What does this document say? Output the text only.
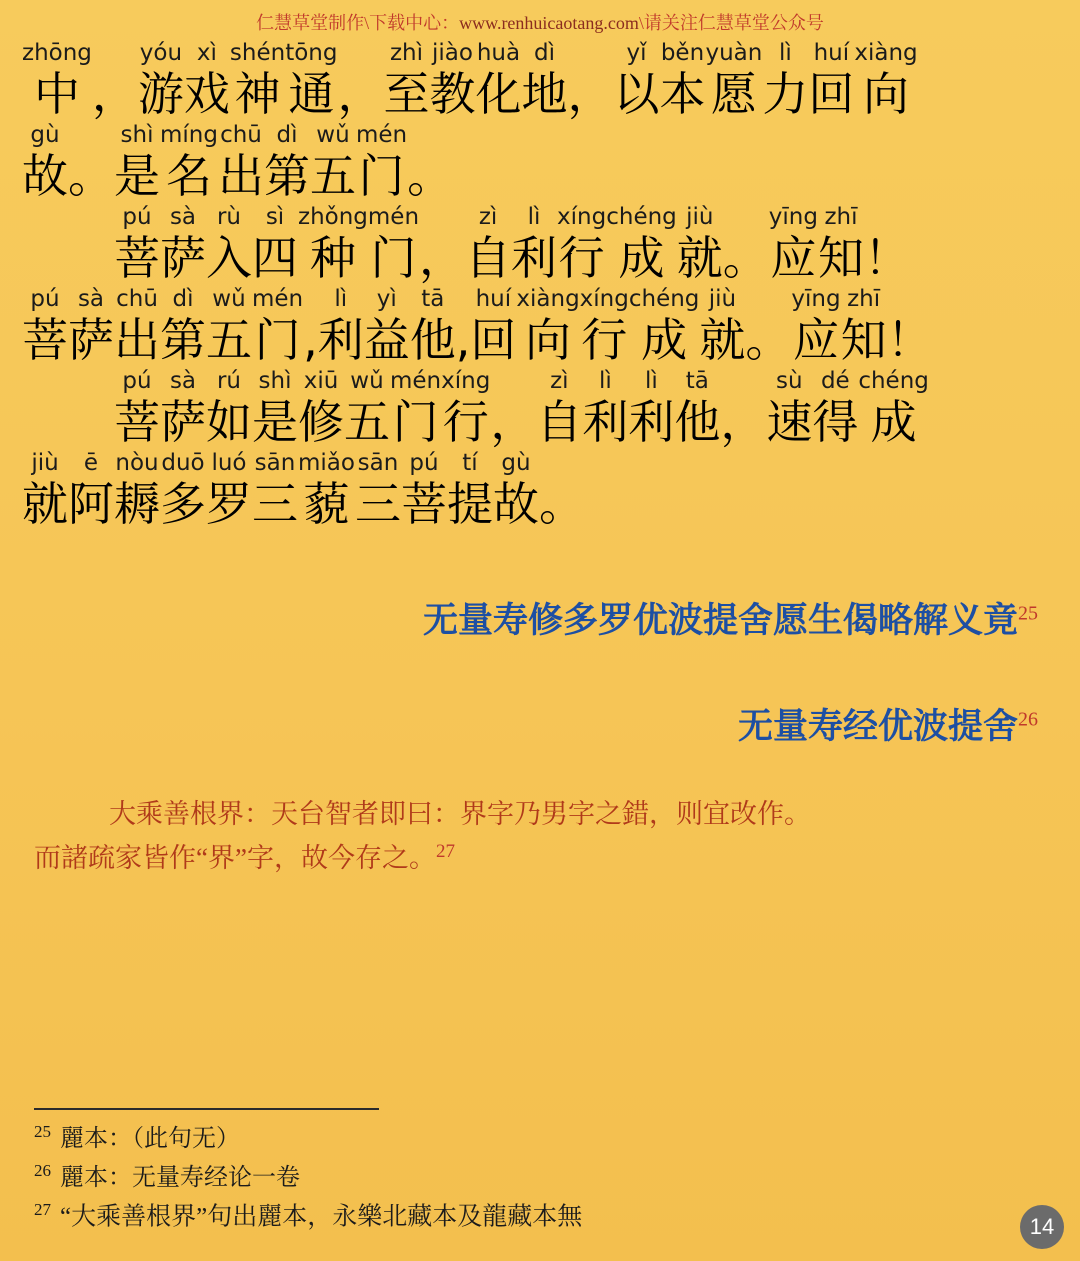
仁慧草堂制作\下载中心：www.renhuicaotang.com\请关注仁慧草堂公众号
zhōng
中 ，
yóu
游
xì
戏
shén
神
tōng
通 ，
zhì
至
jiào
教
huà
化
dì
地 ，
yǐ
以
běn
本
yuàn
愿
lì
力
huí
回
xiàng
向
gù
故 。
shì
是
míng
名
chū
出
dì
第
wǔ
五
mén
门 。
pú
菩
sà
萨
rù
入
sì
四
zhǒng
种
mén
门 ，
zì
自
lì
利
xíng
行
chéng
成
jiù
就 。
yīng
应
zhī
知 ！
pú
菩
sà
萨
chū
出
dì
第
wǔ
五
mén
门 ,
lì
利
yì
益
tā
他 ,
huí
回
xiàng
向
xíng
行
chéng
成
jiù
就 。
yīng
应
zhī
知 ！
pú
菩
sà
萨
rú
如
shì
是
xiū
修
wǔ
五
mén
门
xíng
行 ，
zì
自
lì
利
lì
利
tā
他 ，
sù
速
dé
得
chéng
成
jiù
就
ē
阿
nòu
耨
duō
多
luó
罗
sān
三
miǎo
藐
sān
三
pú
菩
tí
提
gù
故 。
无量寿修多罗优波提舍愿生偈略解义竟$^{25}$
无量寿经优波提舍$^{26}$
大乘善根界：天台智者即曰：界字乃男字之錯，则宜改作。
而諸疏家皆作“界”字，故今存之。$^{27}$
$^{25}$ 麗本：（此句无）
$^{26}$ 麗本：无量寿经论一卷
$^{27}$ “大乘善根界”句出麗本，永樂北藏本及龍藏本無	14
